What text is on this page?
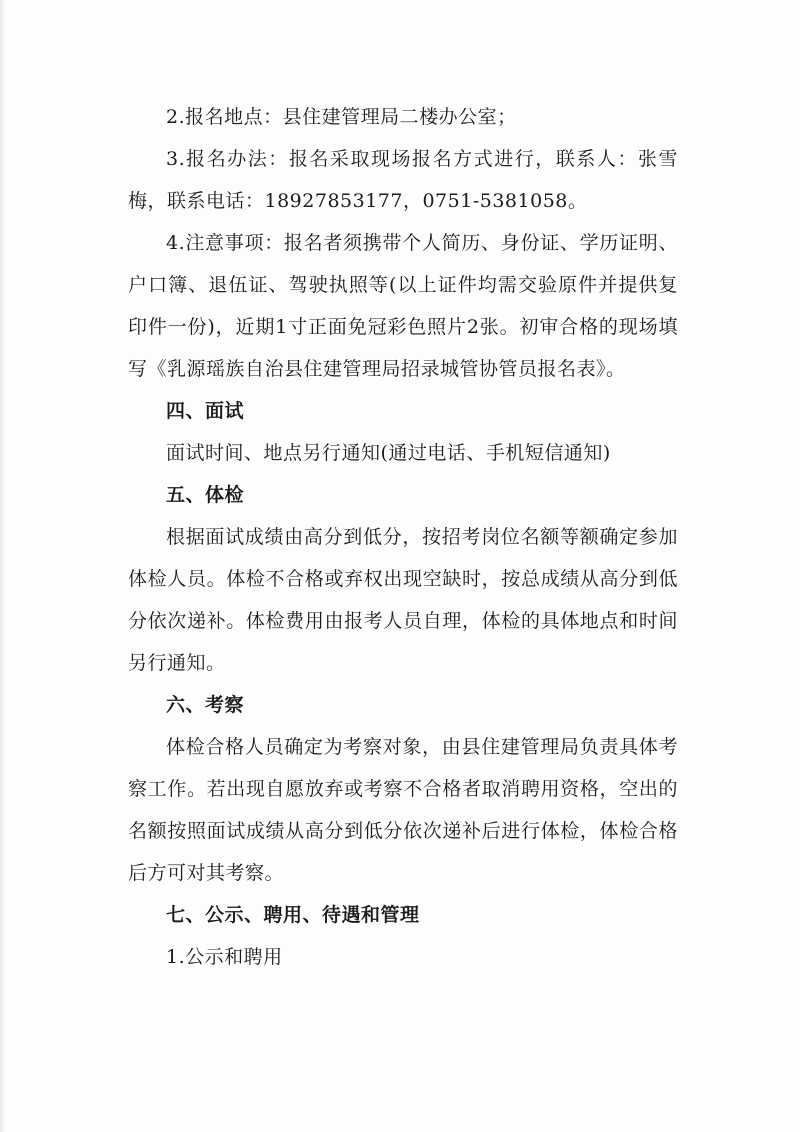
2.报名地点：县住建管理局二楼办公室；

3.报名办法：报名采取现场报名方式进行，联系人：张雪梅，联系电话：18927853177，0751-5381058。

4.注意事项：报名者须携带个人简历、身份证、学历证明、户口簿、退伍证、驾驶执照等(以上证件均需交验原件并提供复印件一份)，近期1寸正面免冠彩色照片2张。初审合格的现场填写《乳源瑶族自治县住建管理局招录城管协管员报名表》。

四、面试

面试时间、地点另行通知(通过电话、手机短信通知)

五、体检

根据面试成绩由高分到低分，按招考岗位名额等额确定参加体检人员。体检不合格或弃权出现空缺时，按总成绩从高分到低分依次递补。体检费用由报考人员自理，体检的具体地点和时间另行通知。

六、考察

体检合格人员确定为考察对象，由县住建管理局负责具体考察工作。若出现自愿放弃或考察不合格者取消聘用资格，空出的名额按照面试成绩从高分到低分依次递补后进行体检，体检合格后方可对其考察。

七、公示、聘用、待遇和管理

1.公示和聘用
